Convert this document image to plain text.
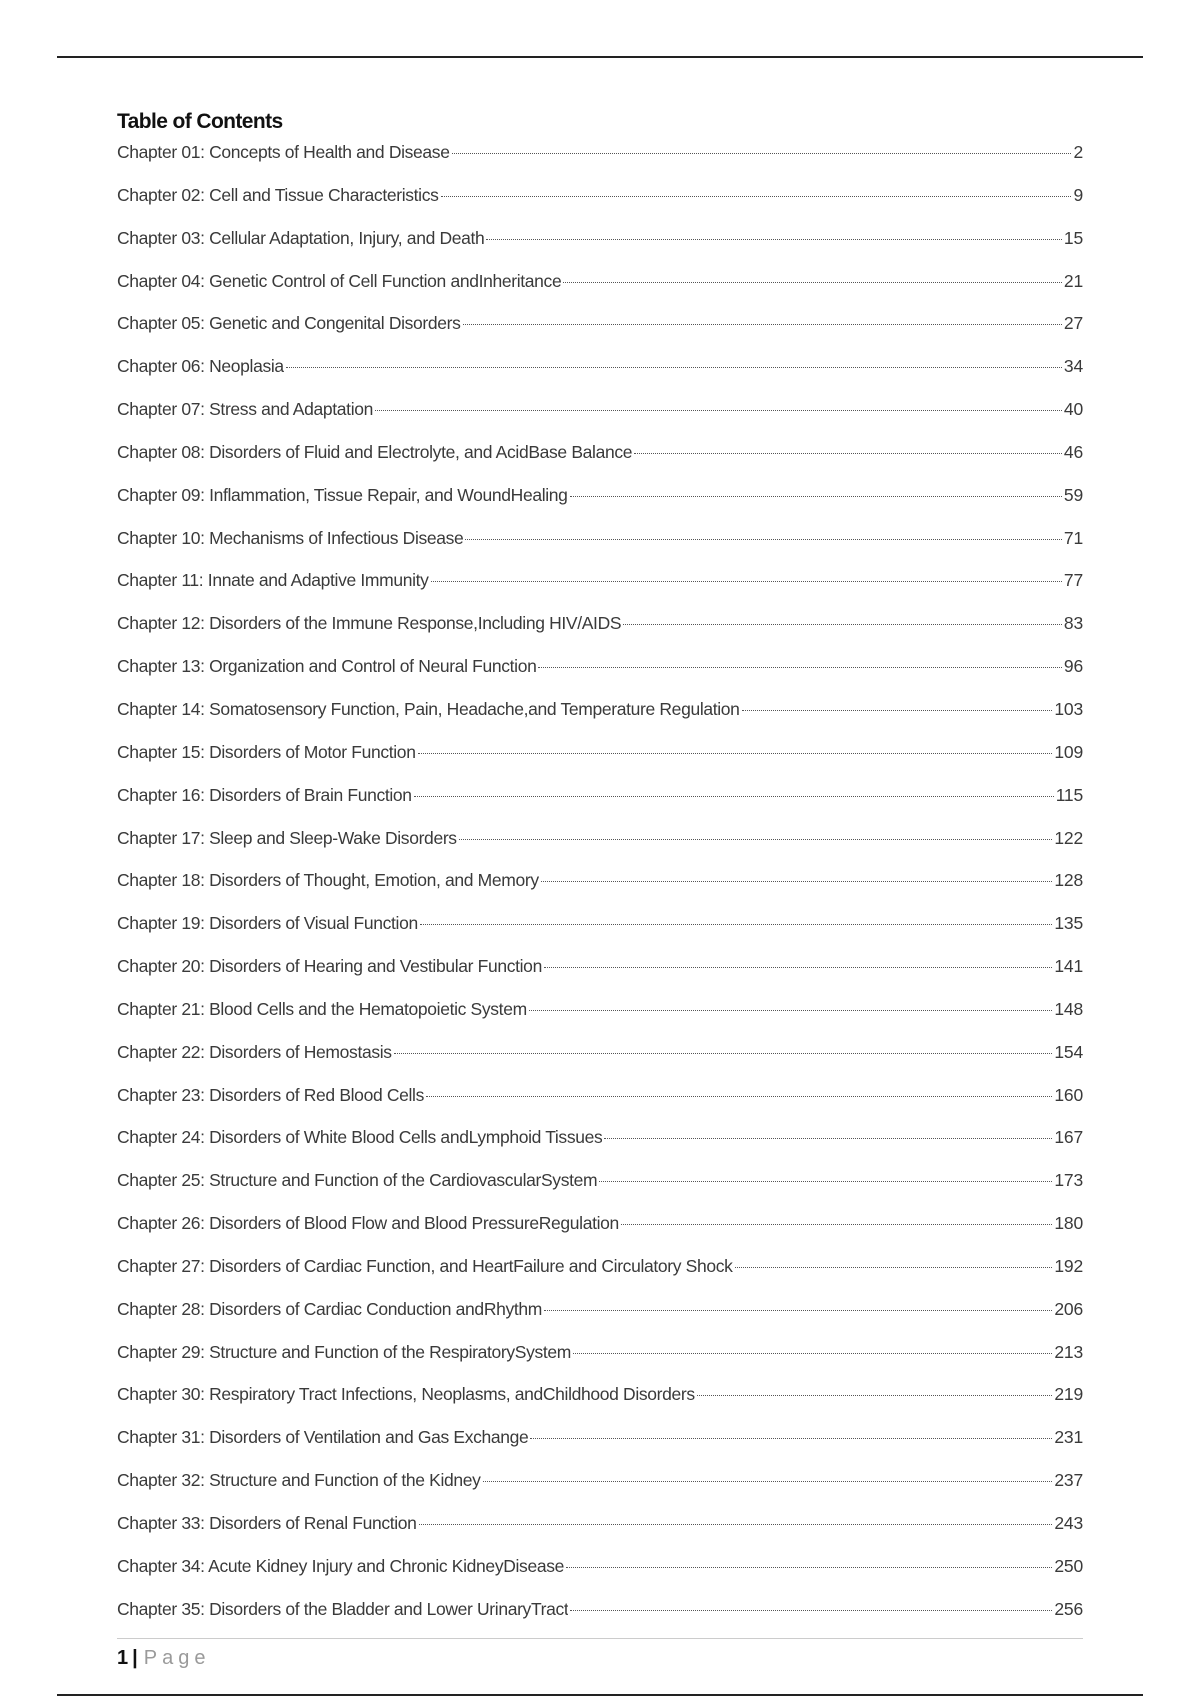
Table of Contents
Chapter 01: Concepts of Health and Disease	2
Chapter 02: Cell and Tissue Characteristics	9
Chapter 03: Cellular Adaptation, Injury, and Death	15
Chapter 04: Genetic Control of Cell Function andInheritance	21
Chapter 05: Genetic and Congenital Disorders	27
Chapter 06: Neoplasia	34
Chapter 07: Stress and Adaptation	40
Chapter 08: Disorders of Fluid and Electrolyte, and AcidBase Balance	46
Chapter 09: Inflammation, Tissue Repair, and WoundHealing	59
Chapter 10: Mechanisms of Infectious Disease	71
Chapter 11: Innate and Adaptive Immunity	77
Chapter 12: Disorders of the Immune Response,Including HIV/AIDS	83
Chapter 13: Organization and Control of Neural Function	96
Chapter 14: Somatosensory Function, Pain, Headache,and Temperature Regulation	103
Chapter 15: Disorders of Motor Function	109
Chapter 16: Disorders of Brain Function	115
Chapter 17: Sleep and Sleep-Wake Disorders	122
Chapter 18: Disorders of Thought, Emotion, and Memory	128
Chapter 19: Disorders of Visual Function	135
Chapter 20: Disorders of Hearing and Vestibular Function	141
Chapter 21: Blood Cells and the Hematopoietic System	148
Chapter 22: Disorders of Hemostasis	154
Chapter 23: Disorders of Red Blood Cells	160
Chapter 24: Disorders of White Blood Cells andLymphoid Tissues	167
Chapter 25: Structure and Function of the CardiovascularSystem	173
Chapter 26: Disorders of Blood Flow and Blood PressureRegulation	180
Chapter 27: Disorders of Cardiac Function, and HeartFailure and Circulatory Shock	192
Chapter 28: Disorders of Cardiac Conduction andRhythm	206
Chapter 29: Structure and Function of the RespiratorySystem	213
Chapter 30: Respiratory Tract Infections, Neoplasms, andChildhood Disorders	219
Chapter 31: Disorders of Ventilation and Gas Exchange	231
Chapter 32: Structure and Function of the Kidney	237
Chapter 33: Disorders of Renal Function	243
Chapter 34: Acute Kidney Injury and Chronic KidneyDisease	250
Chapter 35: Disorders of the Bladder and Lower UrinaryTract	256
1 | Page
